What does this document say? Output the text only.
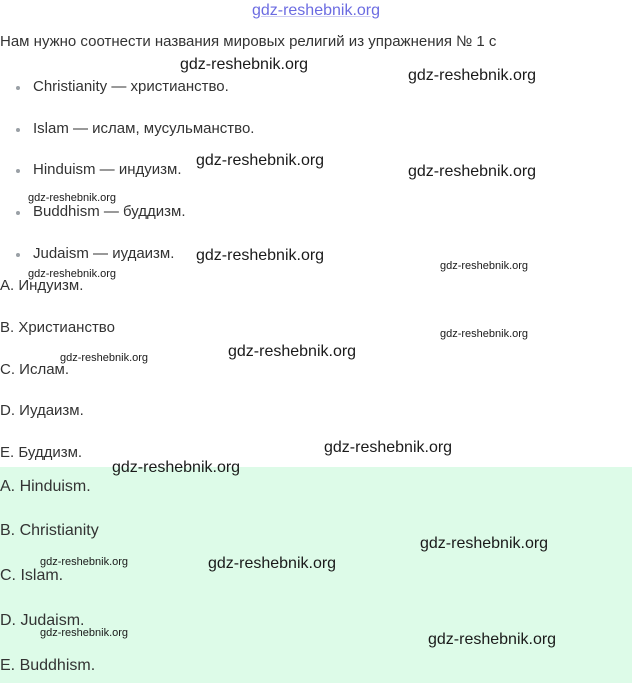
gdz-reshebnik.org
Нам нужно соотнести названия мировых религий из упражнения № 1 с
Christianity — христианство.
Islam — ислам, мусульманство.
Hinduism — индуизм.
Buddhism — буддизм.
Judaism — иудаизм.
A. Индуизм.
B. Христианство
C. Ислам.
D. Иудаизм.
E. Буддизм.
A. Hinduism.
B. Christianity
C. Islam.
D. Judaism.
E. Buddhism.
gdz-reshebnik.org
gdz-reshebnik.org
gdz-reshebnik.org
gdz-reshebnik.org
gdz-reshebnik.org
gdz-reshebnik.org
gdz-reshebnik.org
gdz-reshebnik.org
gdz-reshebnik.org
gdz-reshebnik.org
gdz-reshebnik.org
gdz-reshebnik.org
gdz-reshebnik.org
gdz-reshebnik.org
gdz-reshebnik.org	gdz-reshebnik.org
gdz-reshebnik.org	gdz-reshebnik.org
